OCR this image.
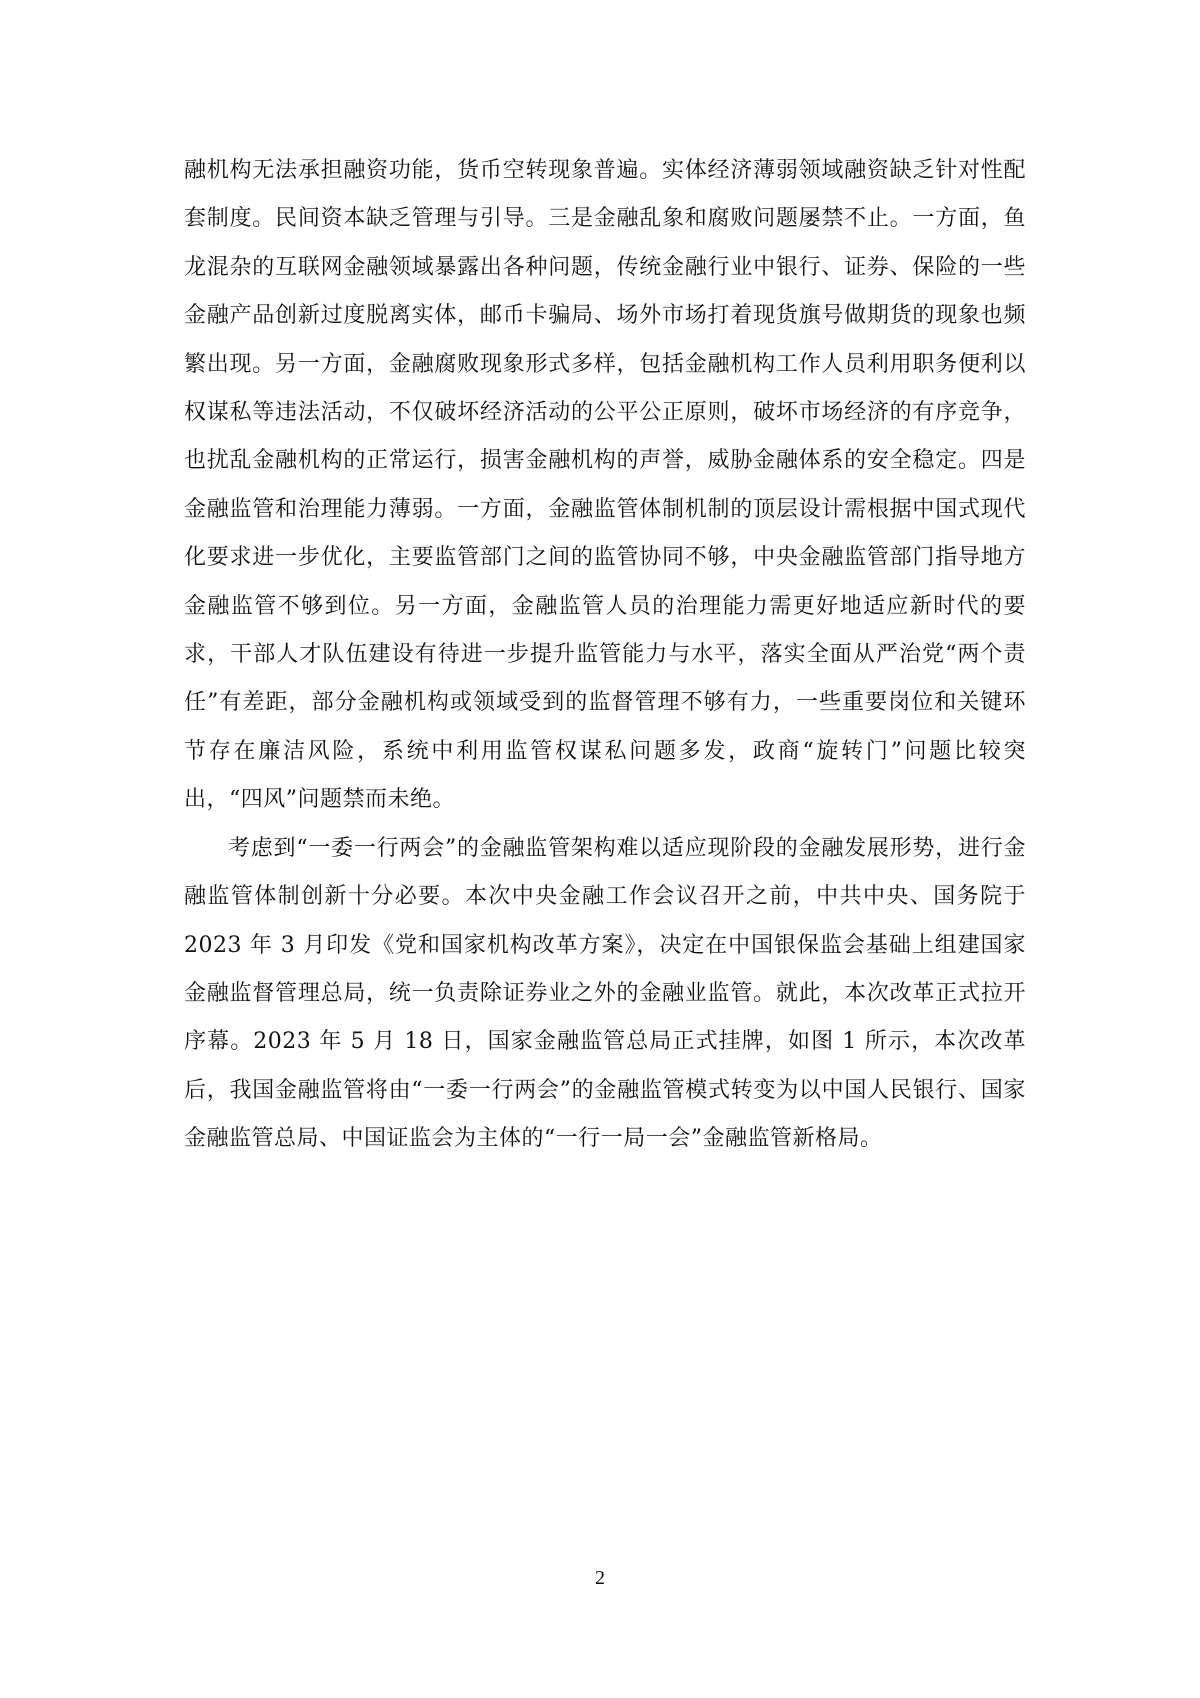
融机构无法承担融资功能，货币空转现象普遍。实体经济薄弱领域融资缺乏针对性配套制度。民间资本缺乏管理与引导。三是金融乱象和腐败问题屡禁不止。一方面，鱼龙混杂的互联网金融领域暴露出各种问题，传统金融行业中银行、证券、保险的一些金融产品创新过度脱离实体，邮币卡骗局、场外市场打着现货旗号做期货的现象也频繁出现。另一方面，金融腐败现象形式多样，包括金融机构工作人员利用职务便利以权谋私等违法活动，不仅破坏经济活动的公平公正原则，破坏市场经济的有序竞争，也扰乱金融机构的正常运行，损害金融机构的声誉，威胁金融体系的安全稳定。四是金融监管和治理能力薄弱。一方面，金融监管体制机制的顶层设计需根据中国式现代化要求进一步优化，主要监管部门之间的监管协同不够，中央金融监管部门指导地方金融监管不够到位。另一方面，金融监管人员的治理能力需更好地适应新时代的要求，干部人才队伍建设有待进一步提升监管能力与水平，落实全面从严治党“两个责任”有差距，部分金融机构或领域受到的监督管理不够有力，一些重要岗位和关键环节存在廉洁风险，系统中利用监管权谋私问题多发，政商“旋转门”问题比较突出，“四风”问题禁而未绝。

考虑到“一委一行两会”的金融监管架构难以适应现阶段的金融发展形势，进行金融监管体制创新十分必要。本次中央金融工作会议召开之前，中共中央、国务院于 2023 年 3 月印发《党和国家机构改革方案》，决定在中国银保监会基础上组建国家金融监督管理总局，统一负责除证券业之外的金融业监管。就此，本次改革正式拉开序幕。2023 年 5 月 18 日，国家金融监管总局正式挂牌，如图 1 所示，本次改革后，我国金融监管将由“一委一行两会”的金融监管模式转变为以中国人民银行、国家金融监管总局、中国证监会为主体的“一行一局一会”金融监管新格局。

2
